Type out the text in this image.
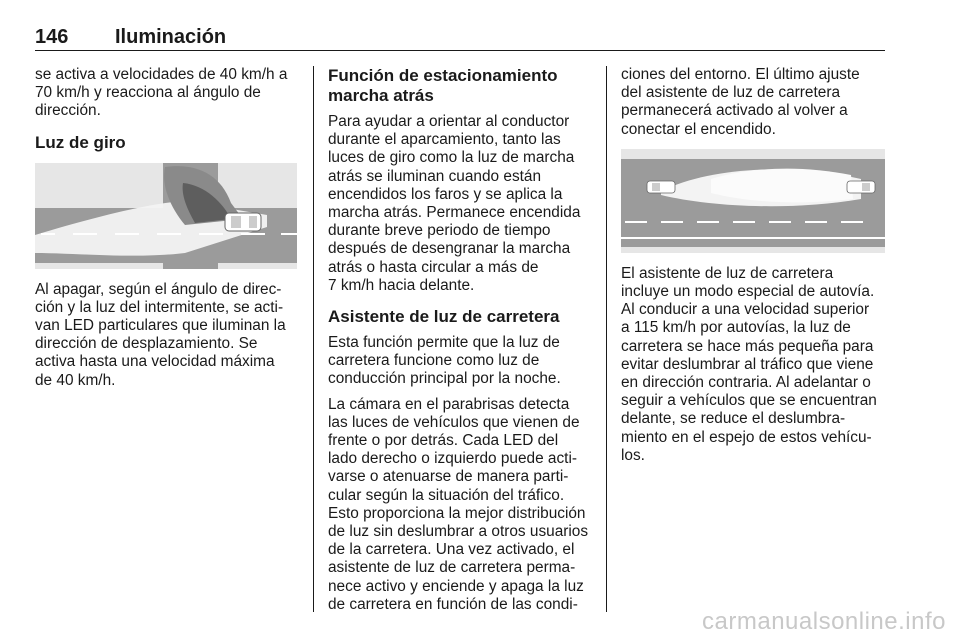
146 Iluminación

se activa a velocidades de 40 km/h a
70 km/h y reacciona al ángulo de
dirección.

Luz de giro

Al apagar, según el ángulo de direc-
ción y la luz del intermitente, se acti-
van LED particulares que iluminan la
dirección de desplazamiento. Se
activa hasta una velocidad máxima
de 40 km/h.

Función de estacionamiento
marcha atrás

Para ayudar a orientar al conductor
durante el aparcamiento, tanto las
luces de giro como la luz de marcha
atrás se iluminan cuando están
encendidos los faros y se aplica la
marcha atrás. Permanece encendida
durante breve periodo de tiempo
después de desengranar la marcha
atrás o hasta circular a más de
7 km/h hacia delante.

Asistente de luz de carretera

Esta función permite que la luz de
carretera funcione como luz de
conducción principal por la noche.

La cámara en el parabrisas detecta
las luces de vehículos que vienen de
frente o por detrás. Cada LED del
lado derecho o izquierdo puede acti-
varse o atenuarse de manera parti-
cular según la situación del tráfico.
Esto proporciona la mejor distribución
de luz sin deslumbrar a otros usuarios
de la carretera. Una vez activado, el
asistente de luz de carretera perma-
nece activo y enciende y apaga la luz
de carretera en función de las condi-

ciones del entorno. El último ajuste
del asistente de luz de carretera
permanecerá activado al volver a
conectar el encendido.

El asistente de luz de carretera
incluye un modo especial de autovía.
Al conducir a una velocidad superior
a 115 km/h por autovías, la luz de
carretera se hace más pequeña para
evitar deslumbrar al tráfico que viene
en dirección contraria. Al adelantar o
seguir a vehículos que se encuentran
delante, se reduce el deslumbra-
miento en el espejo de estos vehícu-
los.

carmanualsonline.info
